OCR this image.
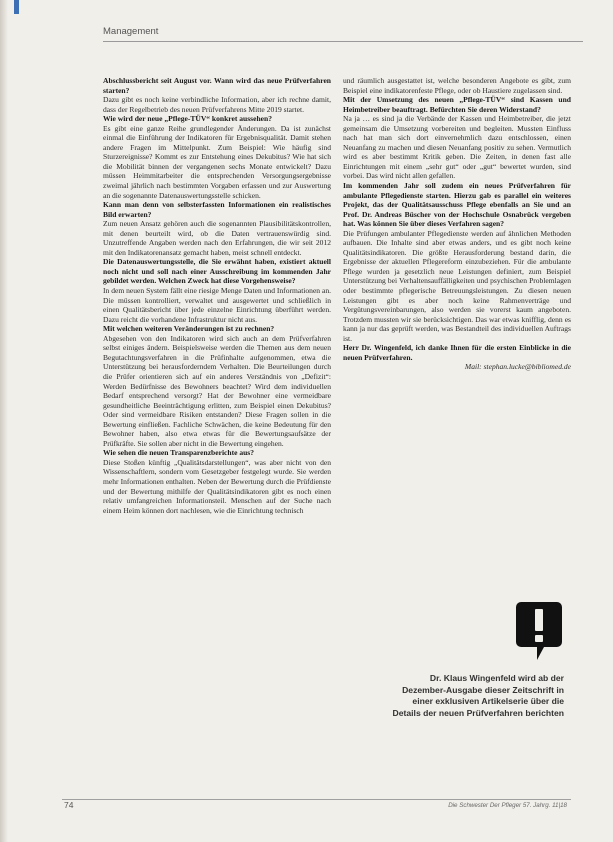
Management

Abschlussbericht seit August vor. Wann wird das neue Prüfverfahren starten?

Dazu gibt es noch keine verbindliche Information, aber ich rechne damit, dass der Regelbetrieb des neuen Prüfverfahrens Mitte 2019 startet.

Wie wird der neue „Pflege-TÜV“ konkret aussehen?

Es gibt eine ganze Reihe grundlegender Änderungen. Da ist zunächst einmal die Einführung der Indikatoren für Ergebnisqualität. Damit stehen andere Fragen im Mittelpunkt. Zum Beispiel: Wie häufig sind Sturzereignisse? Kommt es zur Entstehung eines Dekubitus? Wie hat sich die Mobilität binnen der vergangenen sechs Monate entwickelt? Dazu müssen Heimmitarbeiter die entsprechenden Versorgungsergebnisse zweimal jährlich nach bestimmten Vorgaben erfassen und zur Auswertung an die sogenannte Datenauswertungsstelle schicken.

Kann man denn von selbsterfassten Informationen ein realistisches Bild erwarten?

Zum neuen Ansatz gehören auch die sogenannten Plausibilitätskontrollen, mit denen beurteilt wird, ob die Daten vertrauenswürdig sind. Unzutreffende Angaben werden nach den Erfahrungen, die wir seit 2012 mit den Indikatorenansatz gemacht haben, meist schnell entdeckt.

Die Datenauswertungsstelle, die Sie erwähnt haben, existiert aktuell noch nicht und soll nach einer Ausschreibung im kommenden Jahr gebildet werden. Welchen Zweck hat diese Vorgehensweise?

In dem neuen System fällt eine riesige Menge Daten und Informationen an. Die müssen kontrolliert, verwaltet und ausgewertet und schließlich in einen Qualitätsbericht über jede einzelne Einrichtung überführt werden. Dazu reicht die vorhandene Infrastruktur nicht aus.

Mit welchen weiteren Veränderungen ist zu rechnen?

Abgesehen von den Indikatoren wird sich auch an dem Prüfverfahren selbst einiges ändern. Beispielsweise werden die Themen aus dem neuen Begutachtungsverfahren in die Prüfinhalte aufgenommen, etwa die Unterstützung bei herausforderndem Verhalten. Die Beurteilungen durch die Prüfer orientieren sich auf ein anderes Verständnis von „Defizit“: Werden Bedürfnisse des Bewohners beachtet? Wird dem individuellen Bedarf entsprechend versorgt? Hat der Bewohner eine vermeidbare gesundheitliche Beeinträchtigung erlitten, zum Beispiel einen Dekubitus? Oder sind vermeidbare Risiken entstanden? Diese Fragen sollen in die Bewertung einfließen. Fachliche Schwächen, die keine Bedeutung für den Bewohner haben, also etwa etwas für die Bewertungsaufsätze der Prüfkräfte. Sie sollen aber nicht in die Bewertung eingehen.

Wie sehen die neuen Transparenzberichte aus?

Diese Stoßen künftig „Qualitätsdarstellungen“, was aber nicht von den Wissenschaftlern, sondern vom Gesetzgeber festgelegt wurde. Sie werden mehr Informationen enthalten. Neben der Bewertung durch die Prüfdienste und der Bewertung mithilfe der Qualitätsindikatoren gibt es noch einen relativ umfangreichen Informationsteil. Menschen auf der Suche nach einem Heim können dort nachlesen, wie die Einrichtung technisch

und räumlich ausgestattet ist, welche besonderen Angebote es gibt, zum Beispiel eine indikatorenfeste Pflege, oder ob Haustiere zugelassen sind.

Mit der Umsetzung des neuen „Pflege-TÜV“ sind Kassen und Heimbetreiber beauftragt. Befürchten Sie deren Widerstand?

Na ja … es sind ja die Verbände der Kassen und Heimbetreiber, die jetzt gemeinsam die Umsetzung vorbereiten und begleiten. Mussten Einfluss nach hat man sich dort einvernehmlich dazu entschlossen, einen Neuanfang zu machen und diesen Neuanfang positiv zu sehen. Vermutlich wird es aber bestimmt Kritik geben. Die Zeiten, in denen fast alle Einrichtungen mit einem „sehr gut“ oder „gut“ bewertet wurden, sind vorbei. Das wird nicht allen gefallen.

Im kommenden Jahr soll zudem ein neues Prüfverfahren für ambulante Pflegedienste starten. Hierzu gab es parallel ein weiteres Projekt, das der Qualitätsausschuss Pflege ebenfalls an Sie und an Prof. Dr. Andreas Büscher von der Hochschule Osnabrück vergeben hat. Was können Sie über dieses Verfahren sagen?

Die Prüfungen ambulanter Pflegedienste werden auf ähnlichen Methoden aufbauen. Die Inhalte sind aber etwas anders, und es gibt noch keine Qualitätsindikatoren. Die größte Herausforderung bestand darin, die Ergebnisse der aktuellen Pflegereform einzubeziehen. Für die ambulante Pflege wurden ja gesetzlich neue Leistungen definiert, zum Beispiel Unterstützung bei Verhaltensauffälligkeiten und psychischen Problemlagen oder bestimmte pflegerische Betreuungsleistungen. Zu diesen neuen Leistungen gibt es aber noch keine Rahmenverträge und Vergütungsvereinbarungen, also werden sie vorerst kaum angeboten. Trotzdem mussten wir sie berücksichtigen. Das war etwas knifflig, denn es kann ja nur das geprüft werden, was Bestandteil des individuellen Auftrags ist.

Herr Dr. Wingenfeld, ich danke Ihnen für die ersten Einblicke in die neuen Prüfverfahren.

Mail: stephan.lucke@bibliomed.de

Dr. Klaus Wingenfeld wird ab der Dezember-Ausgabe dieser Zeitschrift in einer exklusiven Artikelserie über die Details der neuen Prüfverfahren berichten
74	Die Schwester Der Pfleger 57. Jahrg. 11|18
